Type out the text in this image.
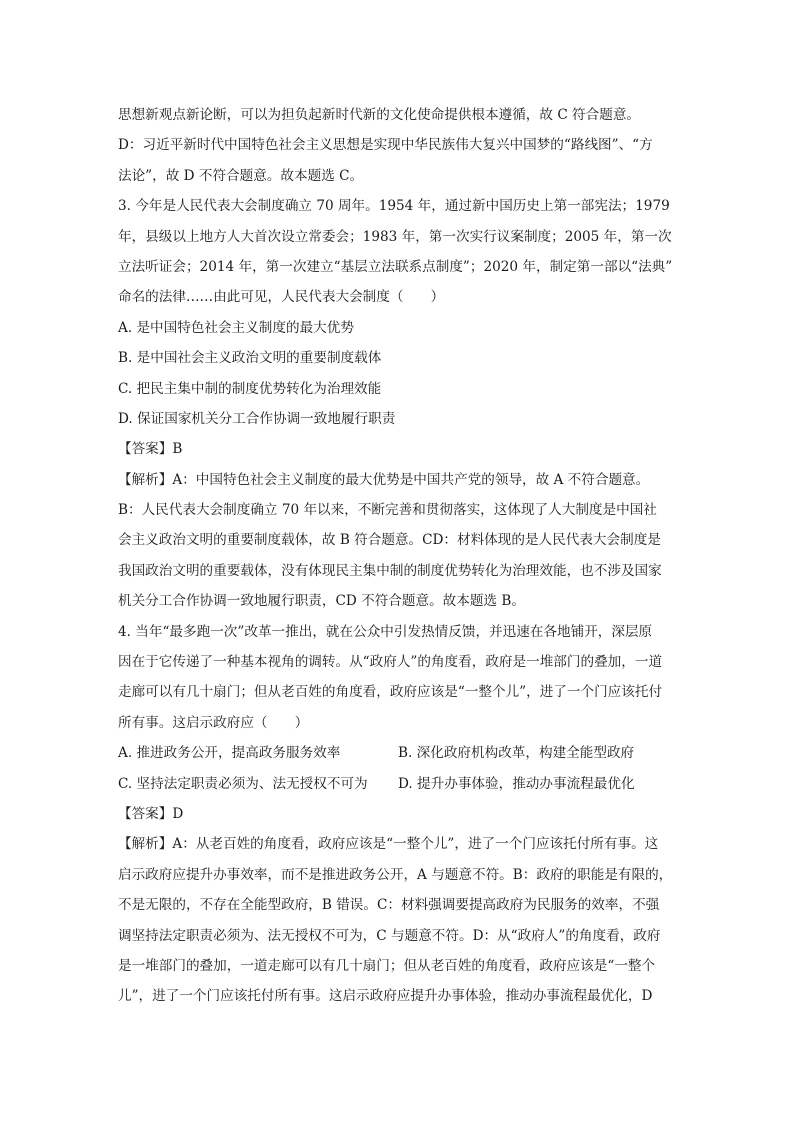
思想新观点新论断，可以为担负起新时代新的文化使命提供根本遵循，故 C 符合题意。
D：习近平新时代中国特色社会主义思想是实现中华民族伟大复兴中国梦的“路线图”、“方
法论”，故 D 不符合题意。故本题选 C。
3. 今年是人民代表大会制度确立 70 周年。1954 年，通过新中国历史上第一部宪法；1979
年，县级以上地方人大首次设立常委会；1983 年，第一次实行议案制度；2005 年，第一次
立法听证会；2014 年，第一次建立“基层立法联系点制度”；2020 年，制定第一部以“法典”
命名的法律……由此可见，人民代表大会制度（　　）
A. 是中国特色社会主义制度的最大优势
B. 是中国社会主义政治文明的重要制度载体
C. 把民主集中制的制度优势转化为治理效能
D. 保证国家机关分工合作协调一致地履行职责
【答案】B
【解析】A：中国特色社会主义制度的最大优势是中国共产党的领导，故 A 不符合题意。
B：人民代表大会制度确立 70 年以来，不断完善和贯彻落实，这体现了人大制度是中国社
会主义政治文明的重要制度载体，故 B 符合题意。CD：材料体现的是人民代表大会制度是
我国政治文明的重要载体，没有体现民主集中制的制度优势转化为治理效能，也不涉及国家
机关分工合作协调一致地履行职责，CD 不符合题意。故本题选 B。
4. 当年“最多跑一次”改革一推出，就在公众中引发热情反馈，并迅速在各地铺开，深层原
因在于它传递了一种基本视角的调转。从“政府人”的角度看，政府是一堆部门的叠加，一道
走廊可以有几十扇门；但从老百姓的角度看，政府应该是“一整个儿”，进了一个门应该托付
所有事。这启示政府应（　　）
A. 推进政务公开，提高政务服务效率	B. 深化政府机构改革，构建全能型政府
C. 坚持法定职责必须为、法无授权不可为	D. 提升办事体验，推动办事流程最优化
【答案】D
【解析】A：从老百姓的角度看，政府应该是“一整个儿”，进了一个门应该托付所有事。这
启示政府应提升办事效率，而不是推进政务公开，A 与题意不符。B：政府的职能是有限的，
不是无限的，不存在全能型政府，B 错误。C：材料强调要提高政府为民服务的效率，不强
调坚持法定职责必须为、法无授权不可为，C 与题意不符。D：从“政府人”的角度看，政府
是一堆部门的叠加，一道走廊可以有几十扇门；但从老百姓的角度看，政府应该是“一整个
儿”，进了一个门应该托付所有事。这启示政府应提升办事体验，推动办事流程最优化，D
